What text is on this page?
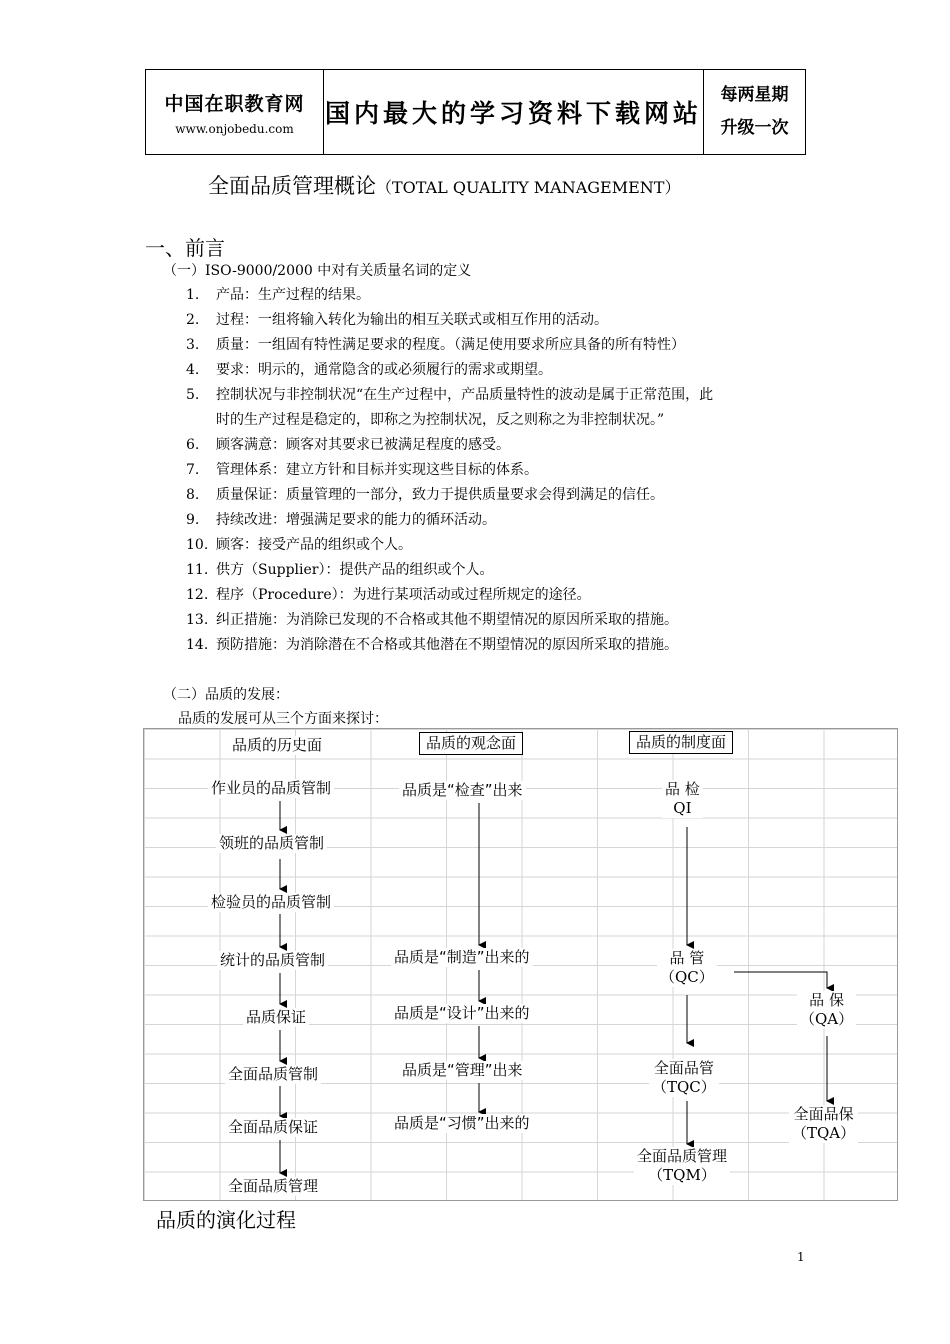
中国在职教育网
www.onjobedu.com
国内最大的学习资料下载网站
每两星期
升级一次
全面品质管理概论（TOTAL QUALITY MANAGEMENT）
一、前言
（一）ISO-9000/2000 中对有关质量名词的定义
1. 产品：生产过程的结果。
2. 过程：一组将输入转化为输出的相互关联式或相互作用的活动。
3. 质量：一组固有特性满足要求的程度。（满足使用要求所应具备的所有特性）
4. 要求：明示的，通常隐含的或必须履行的需求或期望。
5. 控制状况与非控制状况“在生产过程中，产品质量特性的波动是属于正常范围，此
时的生产过程是稳定的，即称之为控制状况，反之则称之为非控制状况。”
6. 顾客满意：顾客对其要求已被满足程度的感受。
7. 管理体系：建立方针和目标并实现这些目标的体系。
8. 质量保证：质量管理的一部分，致力于提供质量要求会得到满足的信任。
9. 持续改进：增强满足要求的能力的循环活动。
10. 顾客：接受产品的组织或个人。
11. 供方（Supplier）：提供产品的组织或个人。
12. 程序（Procedure）：为进行某项活动或过程所规定的途径。
13. 纠正措施：为消除已发现的不合格或其他不期望情况的原因所采取的措施。
14. 预防措施：为消除潜在不合格或其他潜在不期望情况的原因所采取的措施。
（二）品质的发展：
品质的发展可从三个方面来探讨：
品质的历史面	品质的观念面	品质的制度面
作业员的品质管制
领班的品质管制
检验员的品质管制
统计的品质管制
品质保证
全面品质管制
全面品质保证
全面品质管理
品质是“检查”出来
品质是“制造”出来的
品质是“设计”出来的
品质是“管理”出来
品质是“习惯”出来的
品 检
QI
品 管
（QC）
品 保
（QA）
全面品管
（TQC）
全面品保
（TQA）
全面品质管理
（TQM）
品质的演化过程
1
